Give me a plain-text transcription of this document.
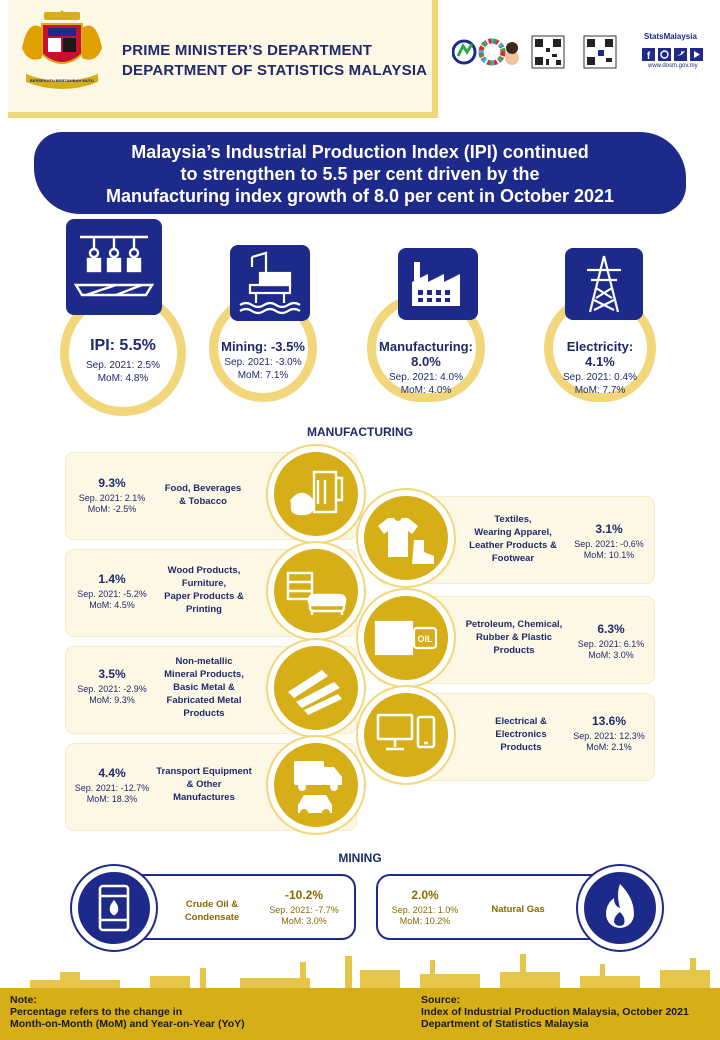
BERSEKUTU BERTAMBAH MUTU
PRIME MINISTER’S DEPARTMENT
DEPARTMENT OF STATISTICS MALAYSIA
f
StatsMalaysia
www.dosm.gov.my
Malaysia’s Industrial Production Index (IPI) continued
to strengthen to 5.5 per cent driven by the
Manufacturing index growth of 8.0 per cent in October 2021
IPI: 5.5%
Sep. 2021: 2.5%
MoM: 4.8%
Mining: -3.5%
Sep. 2021: -3.0%
MoM: 7.1%
Manufacturing: 8.0%
Sep. 2021: 4.0%
MoM: 4.0%
Electricity: 4.1%
Sep. 2021: 0.4%
MoM: 7.7%
MANUFACTURING
9.3%
Sep. 2021: 2.1%
MoM: -2.5%
Food, Beverages
& Tobacco
1.4%
Sep. 2021: -5.2%
MoM: 4.5%
Wood Products,
Furniture,
Paper Products &
Printing
3.5%
Sep. 2021: -2.9%
MoM: 9.3%
Non-metallic
Mineral Products,
Basic Metal &
Fabricated Metal
Products
4.4%
Sep. 2021: -12.7%
MoM: 18.3%
Transport Equipment
& Other
Manufactures
Textiles,
Wearing Apparel,
Leather Products &
Footwear
3.1%
Sep. 2021: -0.6%
MoM: 10.1%
OIL
Petroleum, Chemical,
Rubber & Plastic
Products
6.3%
Sep. 2021: 6.1%
MoM: 3.0%
Electrical &
Electronics
Products
13.6%
Sep. 2021: 12.3%
MoM: 2.1%
MINING
Crude Oil &
Condensate
-10.2%
Sep. 2021: -7.7%
MoM: 3.0%
2.0%
Sep. 2021: 1.0%
MoM: 10.2%
Natural Gas
Note:
Percentage refers to the change in
Month-on-Month (MoM) and Year-on-Year (YoY)
Source:
Index of Industrial Production Malaysia, October 2021
Department of Statistics Malaysia
